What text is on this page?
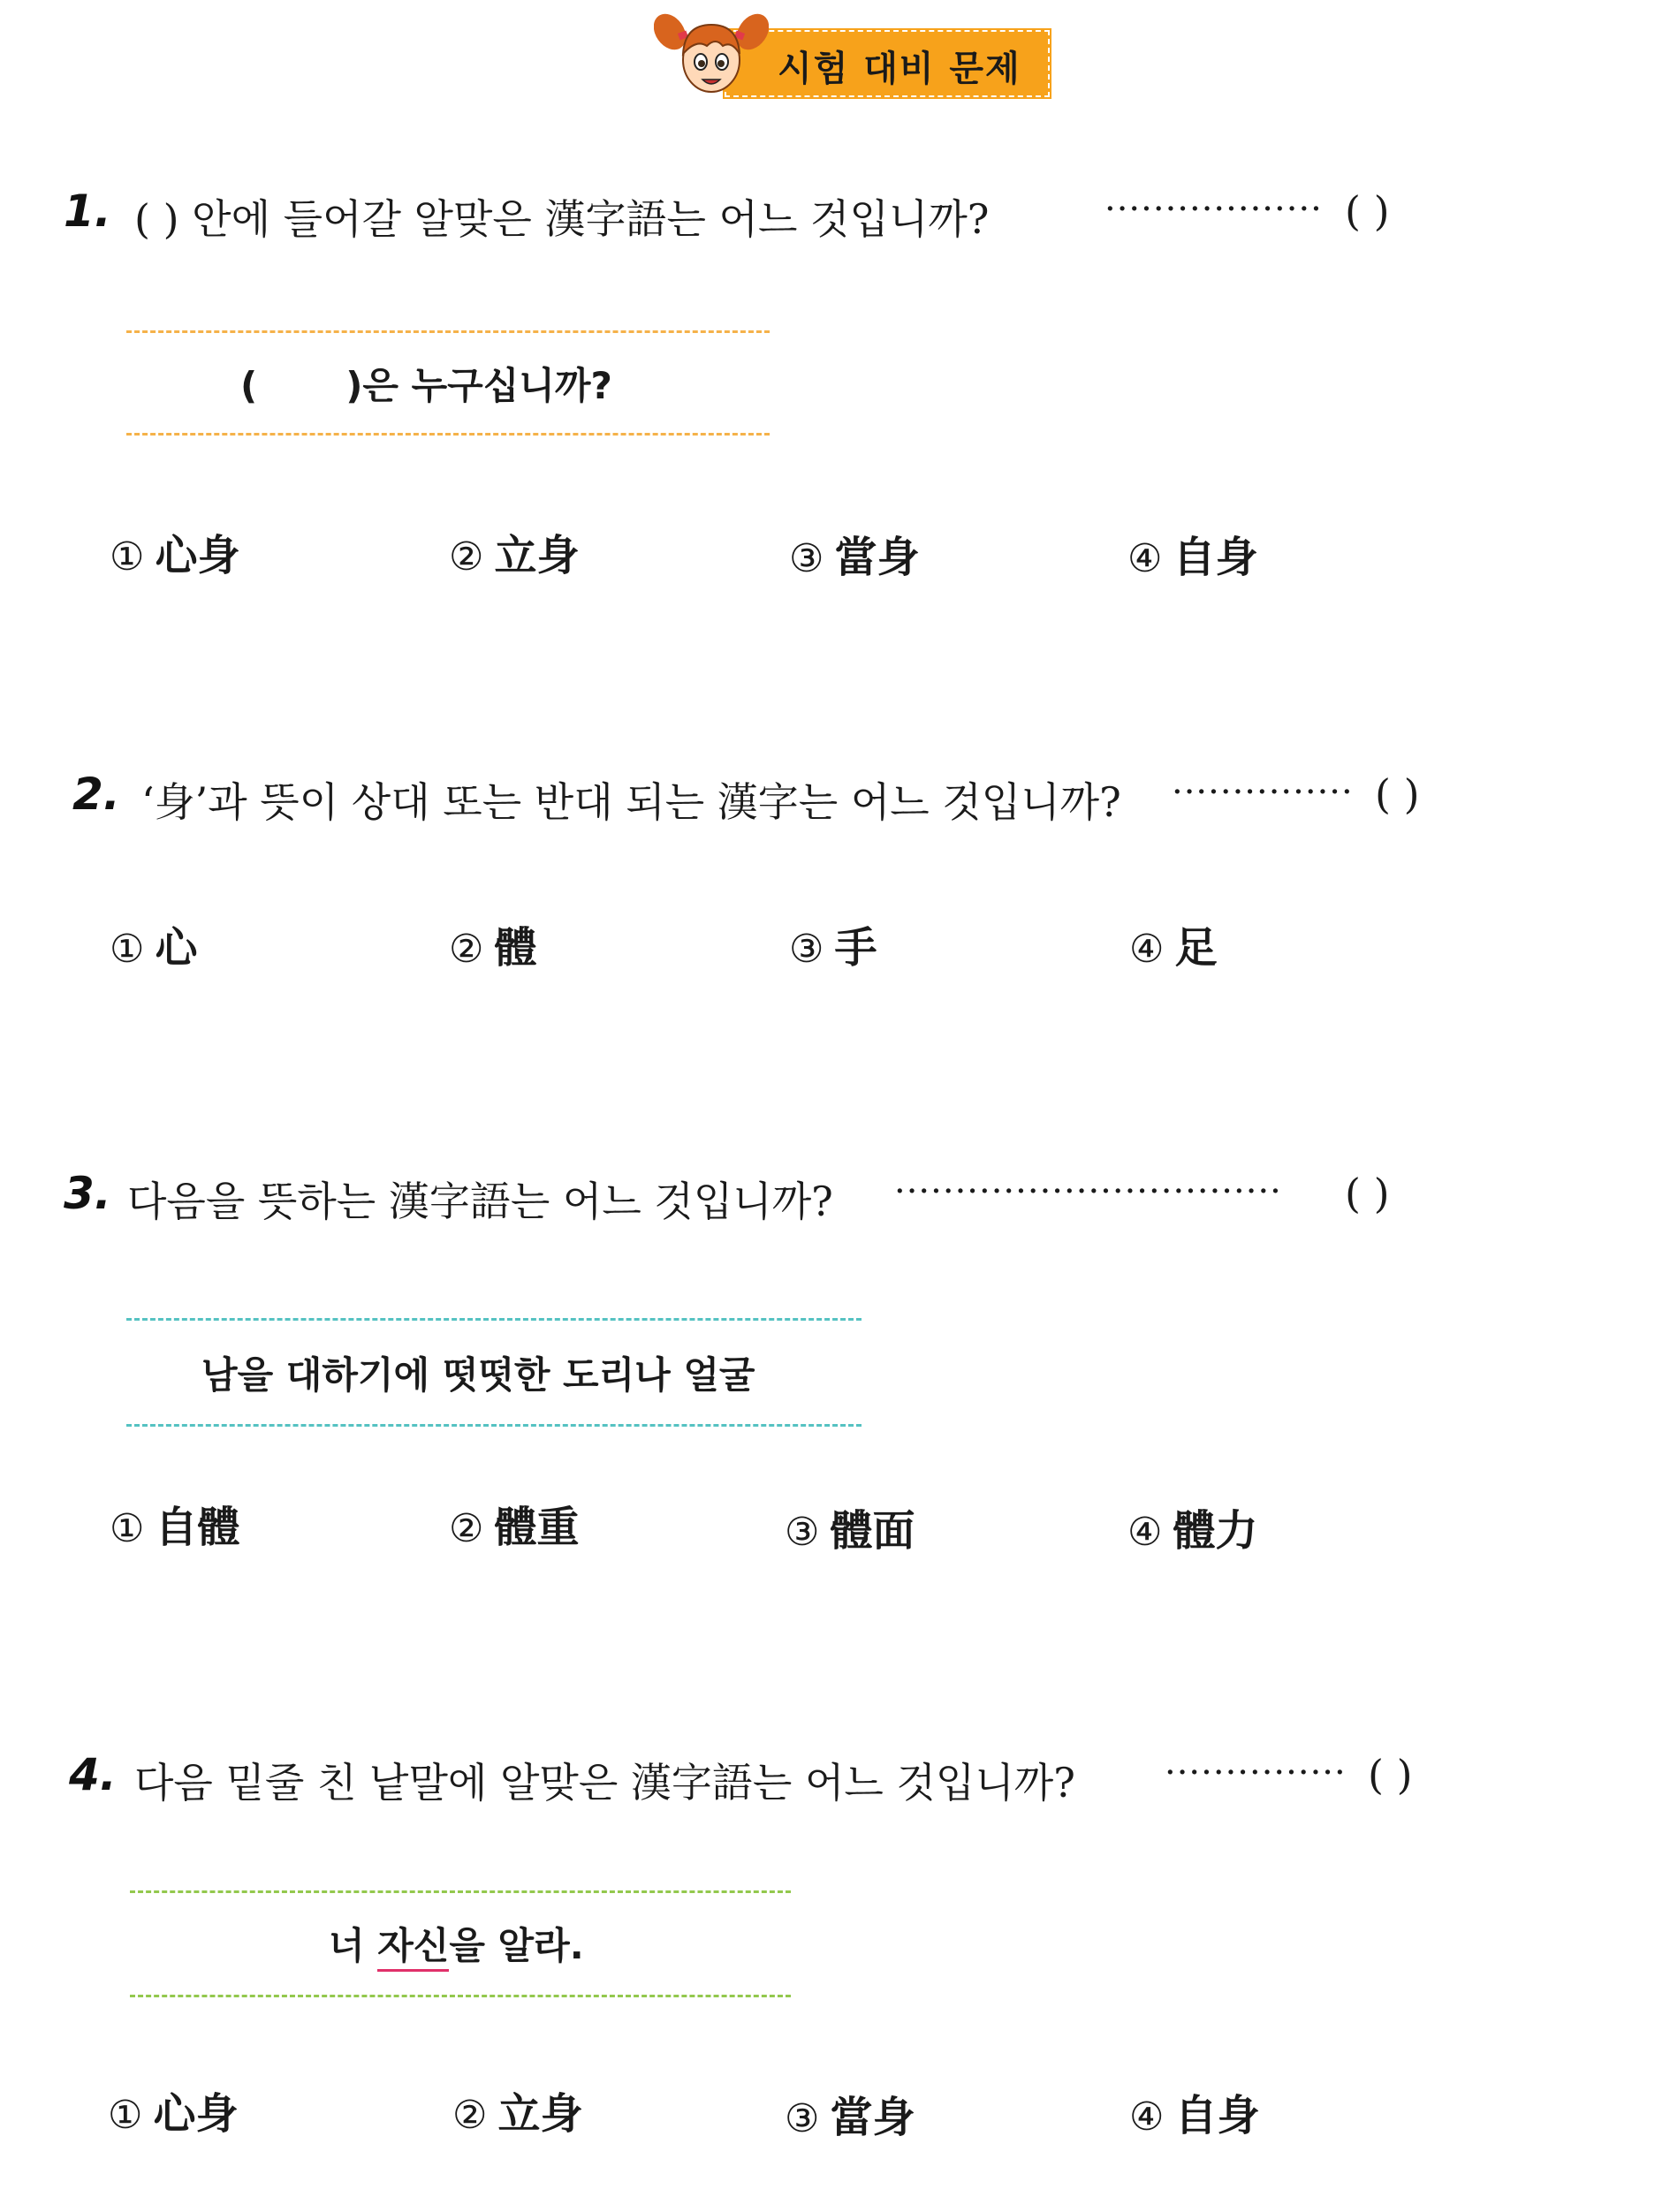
시험 대비 문제
1. ( ) 안에 들어갈 알맞은 漢字語는 어느 것입니까?	·················· ( )
( )은 누구십니까?
① 心身	② 立身	③ 當身	④ 自身
2. ‘身’과 뜻이 상대 또는 반대 되는 漢字는 어느 것입니까? ··············· ( )
① 心	② 體	③ 手	④ 足
3. 다음을 뜻하는 漢字語는 어느 것입니까? ································ ( )
남을 대하기에 떳떳한 도리나 얼굴
① 自體	② 體重	③ 體面	④ 體力
4. 다음 밑줄 친 낱말에 알맞은 漢字語는 어느 것입니까?	··············· ( )
너 자신을 알라.
① 心身	② 立身	③ 當身	④ 自身
